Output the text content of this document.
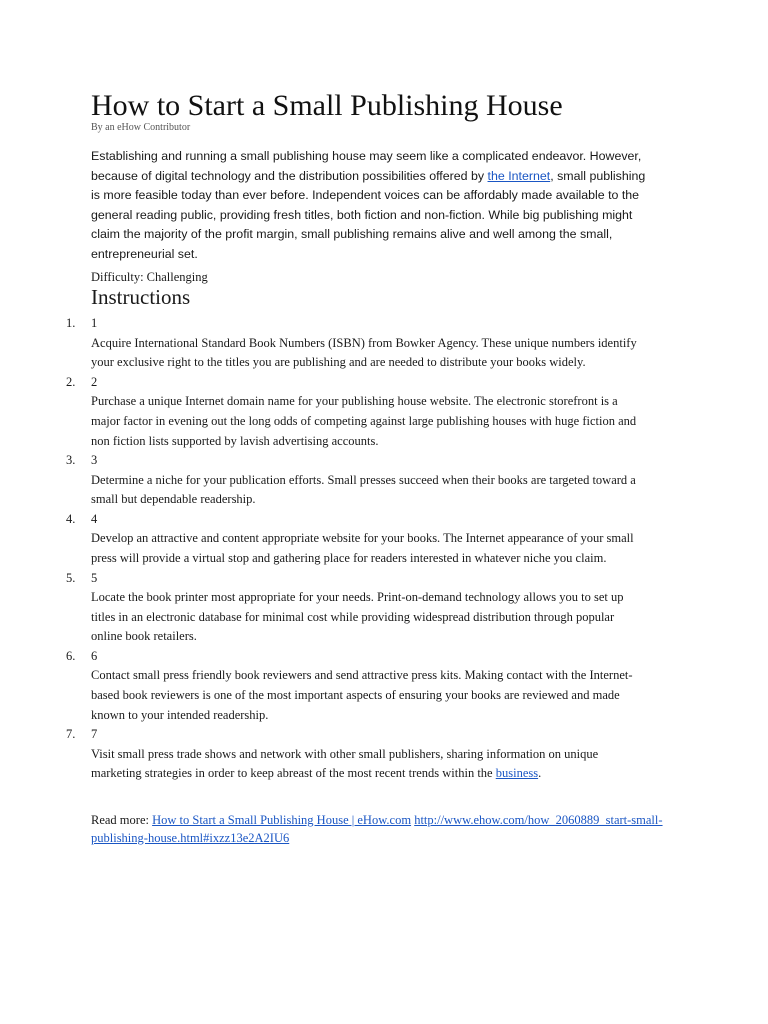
How to Start a Small Publishing House
By an eHow Contributor

Establishing and running a small publishing house may seem like a complicated endeavor. However,
because of digital technology and the distribution possibilities offered by the Internet, small publishing
is more feasible today than ever before. Independent voices can be affordably made available to the
general reading public, providing fresh titles, both fiction and non-fiction. While big publishing might
claim the majority of the profit margin, small publishing remains alive and well among the small,
entrepreneurial set.

Difficulty: Challenging
Instructions
1. 1
Acquire International Standard Book Numbers (ISBN) from Bowker Agency. These unique numbers identify
your exclusive right to the titles you are publishing and are needed to distribute your books widely.
2. 2
Purchase a unique Internet domain name for your publishing house website. The electronic storefront is a
major factor in evening out the long odds of competing against large publishing houses with huge fiction and
non fiction lists supported by lavish advertising accounts.
3. 3
Determine a niche for your publication efforts. Small presses succeed when their books are targeted toward a
small but dependable readership.
4. 4
Develop an attractive and content appropriate website for your books. The Internet appearance of your small
press will provide a virtual stop and gathering place for readers interested in whatever niche you claim.
5. 5
Locate the book printer most appropriate for your needs. Print-on-demand technology allows you to set up
titles in an electronic database for minimal cost while providing widespread distribution through popular
online book retailers.
6. 6
Contact small press friendly book reviewers and send attractive press kits. Making contact with the Internet-
based book reviewers is one of the most important aspects of ensuring your books are reviewed and made
known to your intended readership.
7. 7
Visit small press trade shows and network with other small publishers, sharing information on unique
marketing strategies in order to keep abreast of the most recent trends within the business.
Read more: How to Start a Small Publishing House | eHow.com http://www.ehow.com/how_2060889_start-small-
publishing-house.html#ixzz13e2A2IU6
